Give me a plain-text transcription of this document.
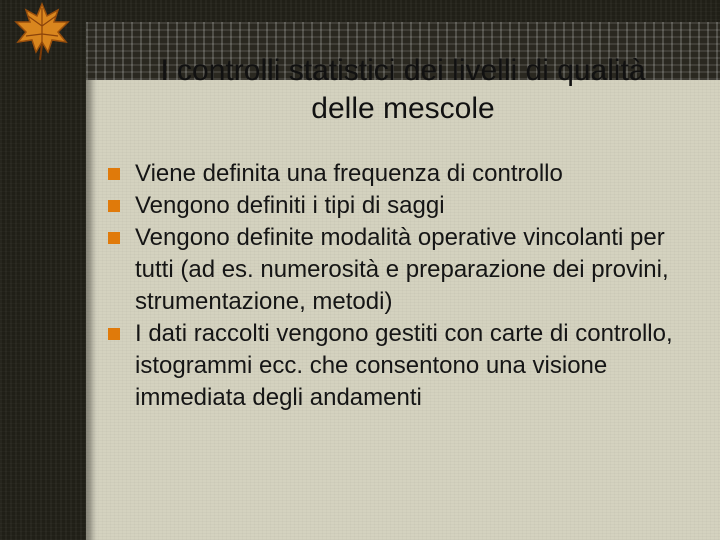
I controlli statistici dei livelli di qualità
delle mescole
Viene definita una frequenza di controllo
Vengono definiti i tipi di saggi
Vengono definite modalità operative vincolanti per tutti (ad es. numerosità e preparazione dei provini, strumentazione, metodi)
I dati raccolti vengono gestiti con carte di controllo, istogrammi ecc. che consentono una visione immediata degli andamenti
